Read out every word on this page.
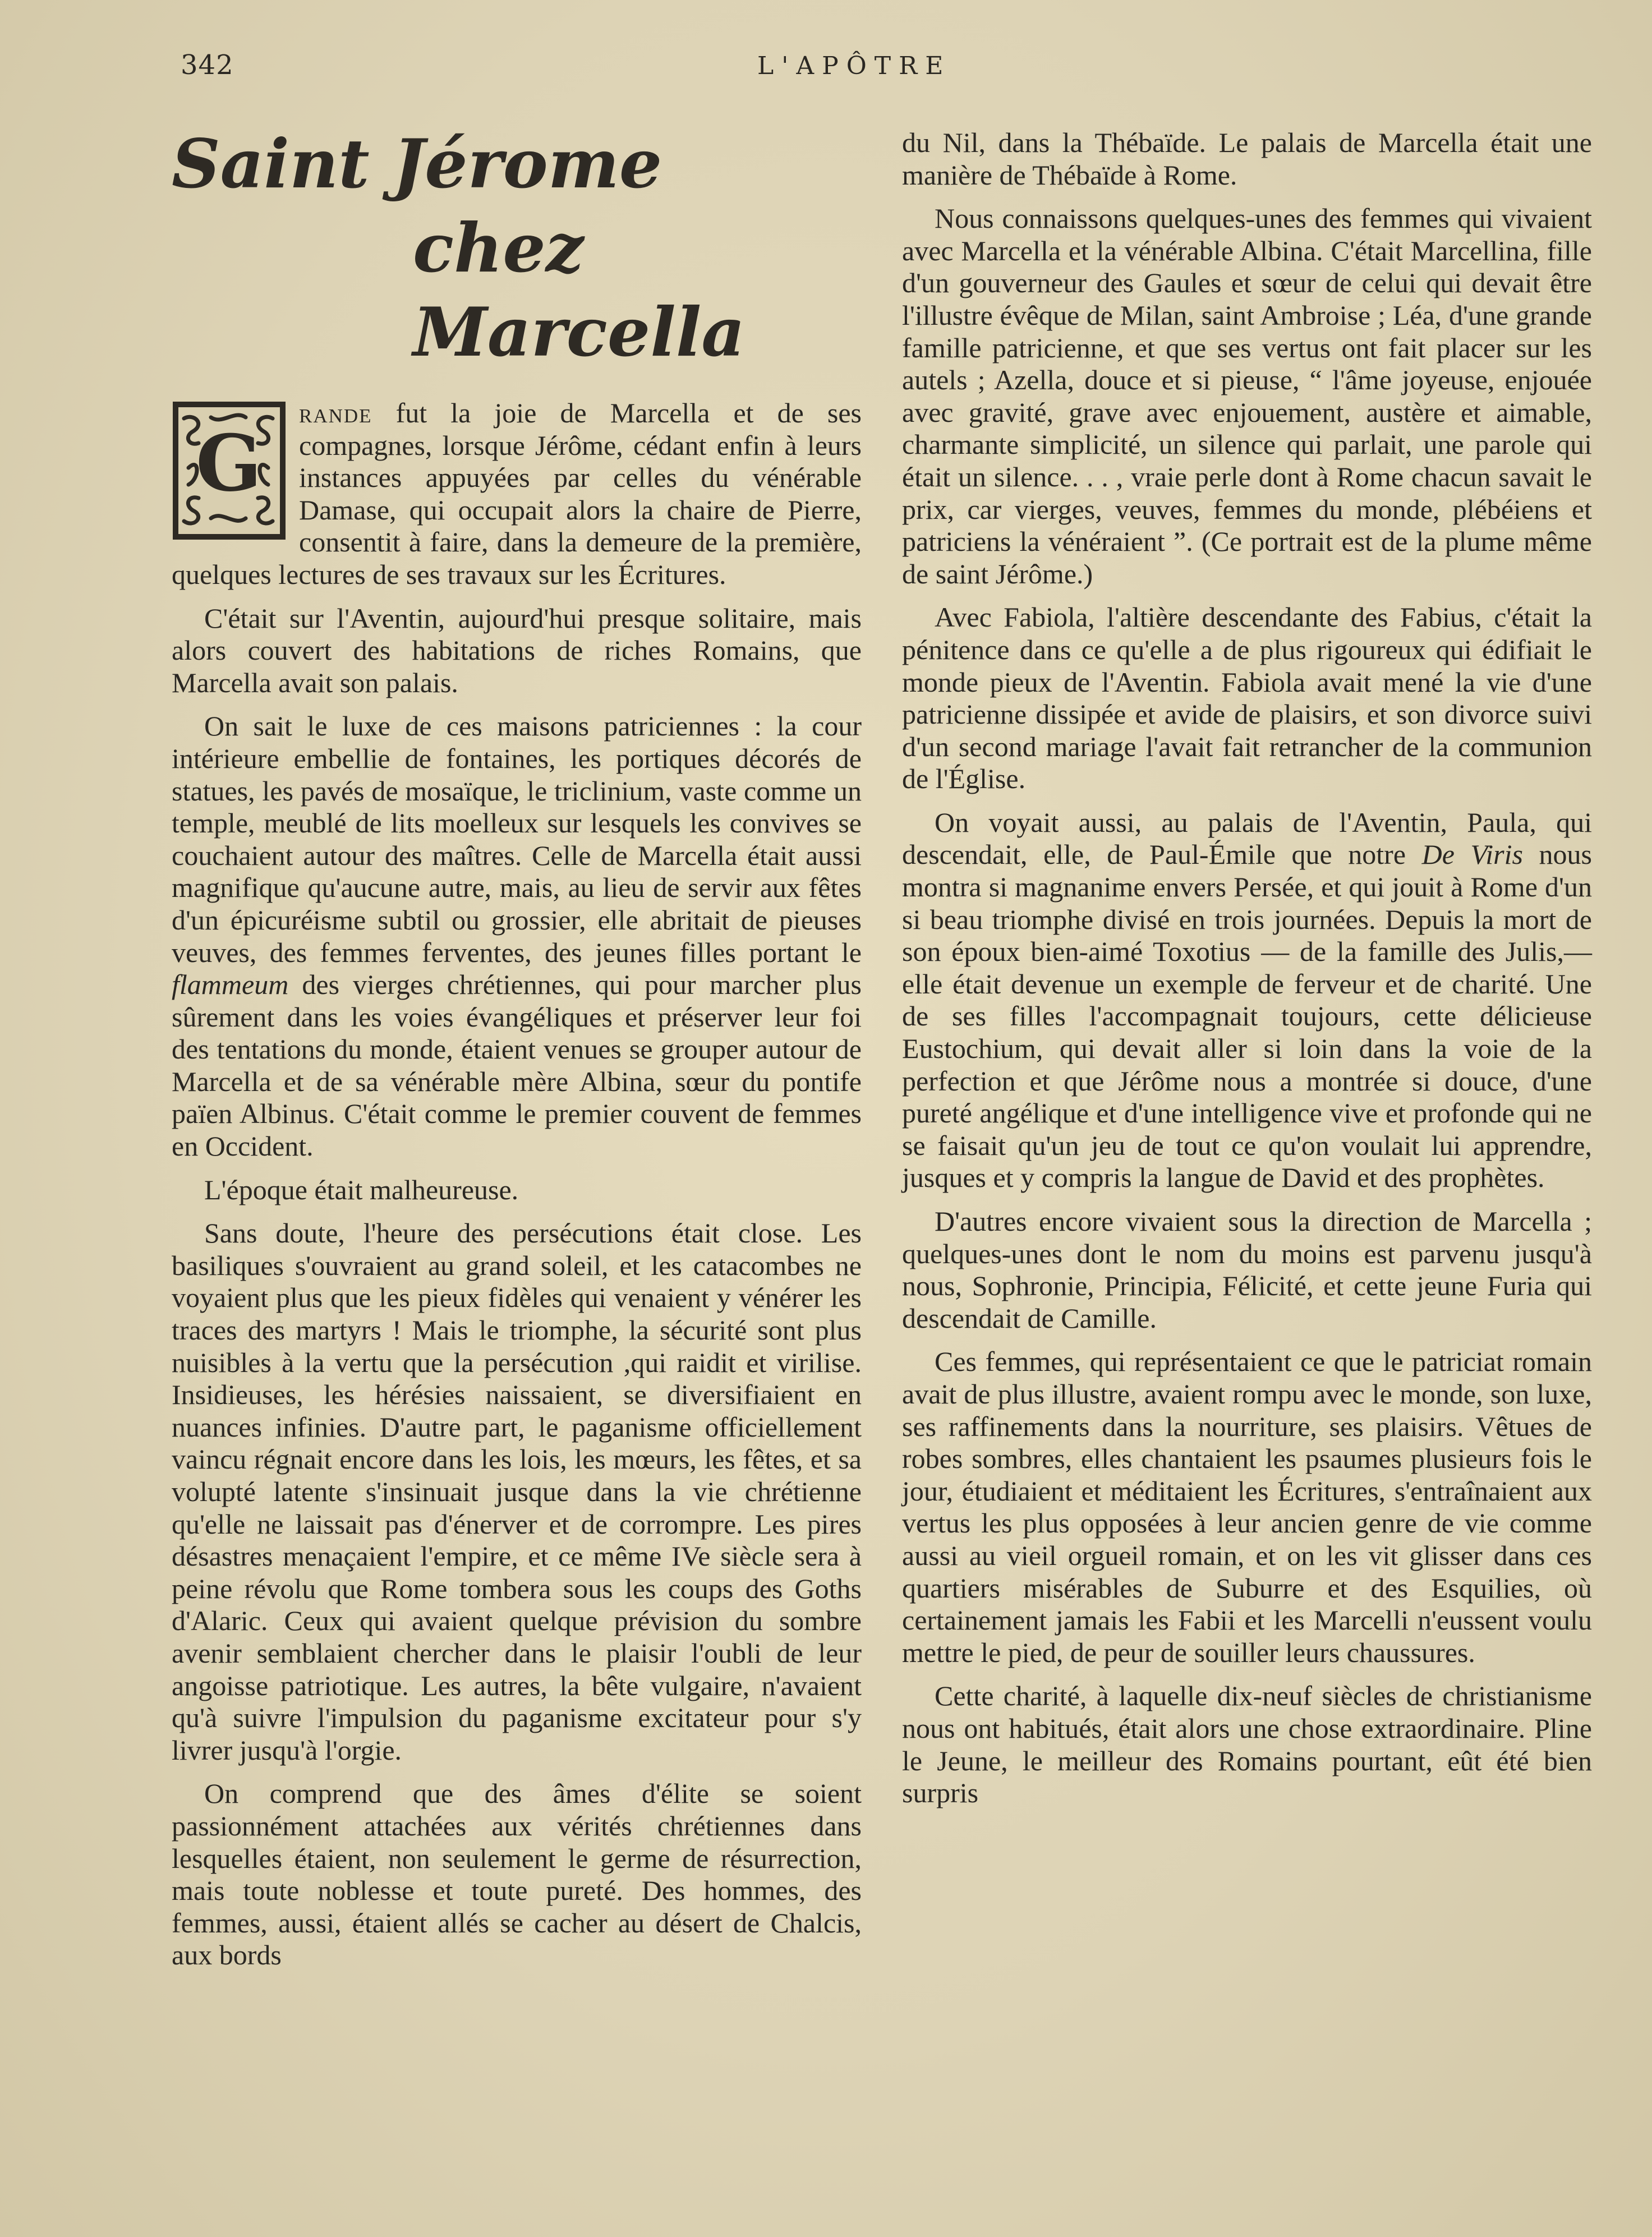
342	L'APÔTRE
Saint Jérome
chez Marcella

G
rande fut la joie de Marcella et de ses compagnes, lorsque Jérôme, cédant enfin à leurs instances appuyées par celles du vénérable Damase, qui occupait alors la chaire de Pierre, consentit à faire, dans la demeure de la première, quelques lectures de ses travaux sur les Écritures.

C'était sur l'Aventin, aujourd'hui presque solitaire, mais alors couvert des habitations de riches Romains, que Marcella avait son palais.

On sait le luxe de ces maisons patriciennes : la cour intérieure embellie de fontaines, les portiques décorés de statues, les pavés de mosaïque, le triclinium, vaste comme un temple, meublé de lits moelleux sur lesquels les convives se couchaient autour des maîtres. Celle de Marcella était aussi magnifique qu'aucune autre, mais, au lieu de servir aux fêtes d'un épicuréisme subtil ou grossier, elle abritait de pieuses veuves, des femmes ferventes, des jeunes filles portant le flammeum des vierges chrétiennes, qui pour marcher plus sûrement dans les voies évangéliques et préserver leur foi des tentations du monde, étaient venues se grouper autour de Marcella et de sa vénérable mère Albina, sœur du pontife païen Albinus. C'était comme le premier couvent de femmes en Occident.

L'époque était malheureuse.

Sans doute, l'heure des persécutions était close. Les basiliques s'ouvraient au grand soleil, et les catacombes ne voyaient plus que les pieux fidèles qui venaient y vénérer les traces des martyrs ! Mais le triomphe, la sécurité sont plus nuisibles à la vertu que la persécution ,qui raidit et virilise. Insidieuses, les hérésies naissaient, se diversifiaient en nuances infinies. D'autre part, le paganisme officiellement vaincu régnait encore dans les lois, les mœurs, les fêtes, et sa volupté latente s'insinuait jusque dans la vie chrétienne qu'elle ne laissait pas d'énerver et de corrompre. Les pires désastres menaçaient l'empire, et ce même IVe siècle sera à peine révolu que Rome tombera sous les coups des Goths d'Alaric. Ceux qui avaient quelque prévision du sombre avenir semblaient chercher dans le plaisir l'oubli de leur angoisse patriotique. Les autres, la bête vulgaire, n'avaient qu'à suivre l'impulsion du paganisme excitateur pour s'y livrer jusqu'à l'orgie.

On comprend que des âmes d'élite se soient passionnément attachées aux vérités chrétiennes dans lesquelles étaient, non seulement le germe de résurrection, mais toute noblesse et toute pureté. Des hommes, des femmes, aussi, étaient allés se cacher au désert de Chalcis, aux bords

du Nil, dans la Thébaïde. Le palais de Marcella était une manière de Thébaïde à Rome.

Nous connaissons quelques-unes des femmes qui vivaient avec Marcella et la vénérable Albina. C'était Marcellina, fille d'un gouverneur des Gaules et sœur de celui qui devait être l'illustre évêque de Milan, saint Ambroise ; Léa, d'une grande famille patricienne, et que ses vertus ont fait placer sur les autels ; Azella, douce et si pieuse, “ l'âme joyeuse, enjouée avec gravité, grave avec enjouement, austère et aimable, charmante simplicité, un silence qui parlait, une parole qui était un silence. . . , vraie perle dont à Rome chacun savait le prix, car vierges, veuves, femmes du monde, plébéiens et patriciens la vénéraient ”. (Ce portrait est de la plume même de saint Jérôme.)

Avec Fabiola, l'altière descendante des Fabius, c'était la pénitence dans ce qu'elle a de plus rigoureux qui édifiait le monde pieux de l'Aventin. Fabiola avait mené la vie d'une patricienne dissipée et avide de plaisirs, et son divorce suivi d'un second mariage l'avait fait retrancher de la communion de l'Église.

On voyait aussi, au palais de l'Aventin, Paula, qui descendait, elle, de Paul-Émile que notre De Viris nous montra si magnanime envers Persée, et qui jouit à Rome d'un si beau triomphe divisé en trois journées. Depuis la mort de son époux bien-aimé Toxotius — de la famille des Julis,— elle était devenue un exemple de ferveur et de charité. Une de ses filles l'accompagnait toujours, cette délicieuse Eustochium, qui devait aller si loin dans la voie de la perfection et que Jérôme nous a montrée si douce, d'une pureté angélique et d'une intelligence vive et profonde qui ne se faisait qu'un jeu de tout ce qu'on voulait lui apprendre, jusques et y compris la langue de David et des prophètes.

D'autres encore vivaient sous la direction de Marcella ; quelques-unes dont le nom du moins est parvenu jusqu'à nous, Sophronie, Principia, Félicité, et cette jeune Furia qui descendait de Camille.

Ces femmes, qui représentaient ce que le patriciat romain avait de plus illustre, avaient rompu avec le monde, son luxe, ses raffinements dans la nourriture, ses plaisirs. Vêtues de robes sombres, elles chantaient les psaumes plusieurs fois le jour, étudiaient et méditaient les Écritures, s'entraînaient aux vertus les plus opposées à leur ancien genre de vie comme aussi au vieil orgueil romain, et on les vit glisser dans ces quartiers misérables de Suburre et des Esquilies, où certainement jamais les Fabii et les Marcelli n'eussent voulu mettre le pied, de peur de souiller leurs chaussures.

Cette charité, à laquelle dix-neuf siècles de christianisme nous ont habitués, était alors une chose extraordinaire. Pline le Jeune, le meilleur des Romains pourtant, eût été bien surpris
